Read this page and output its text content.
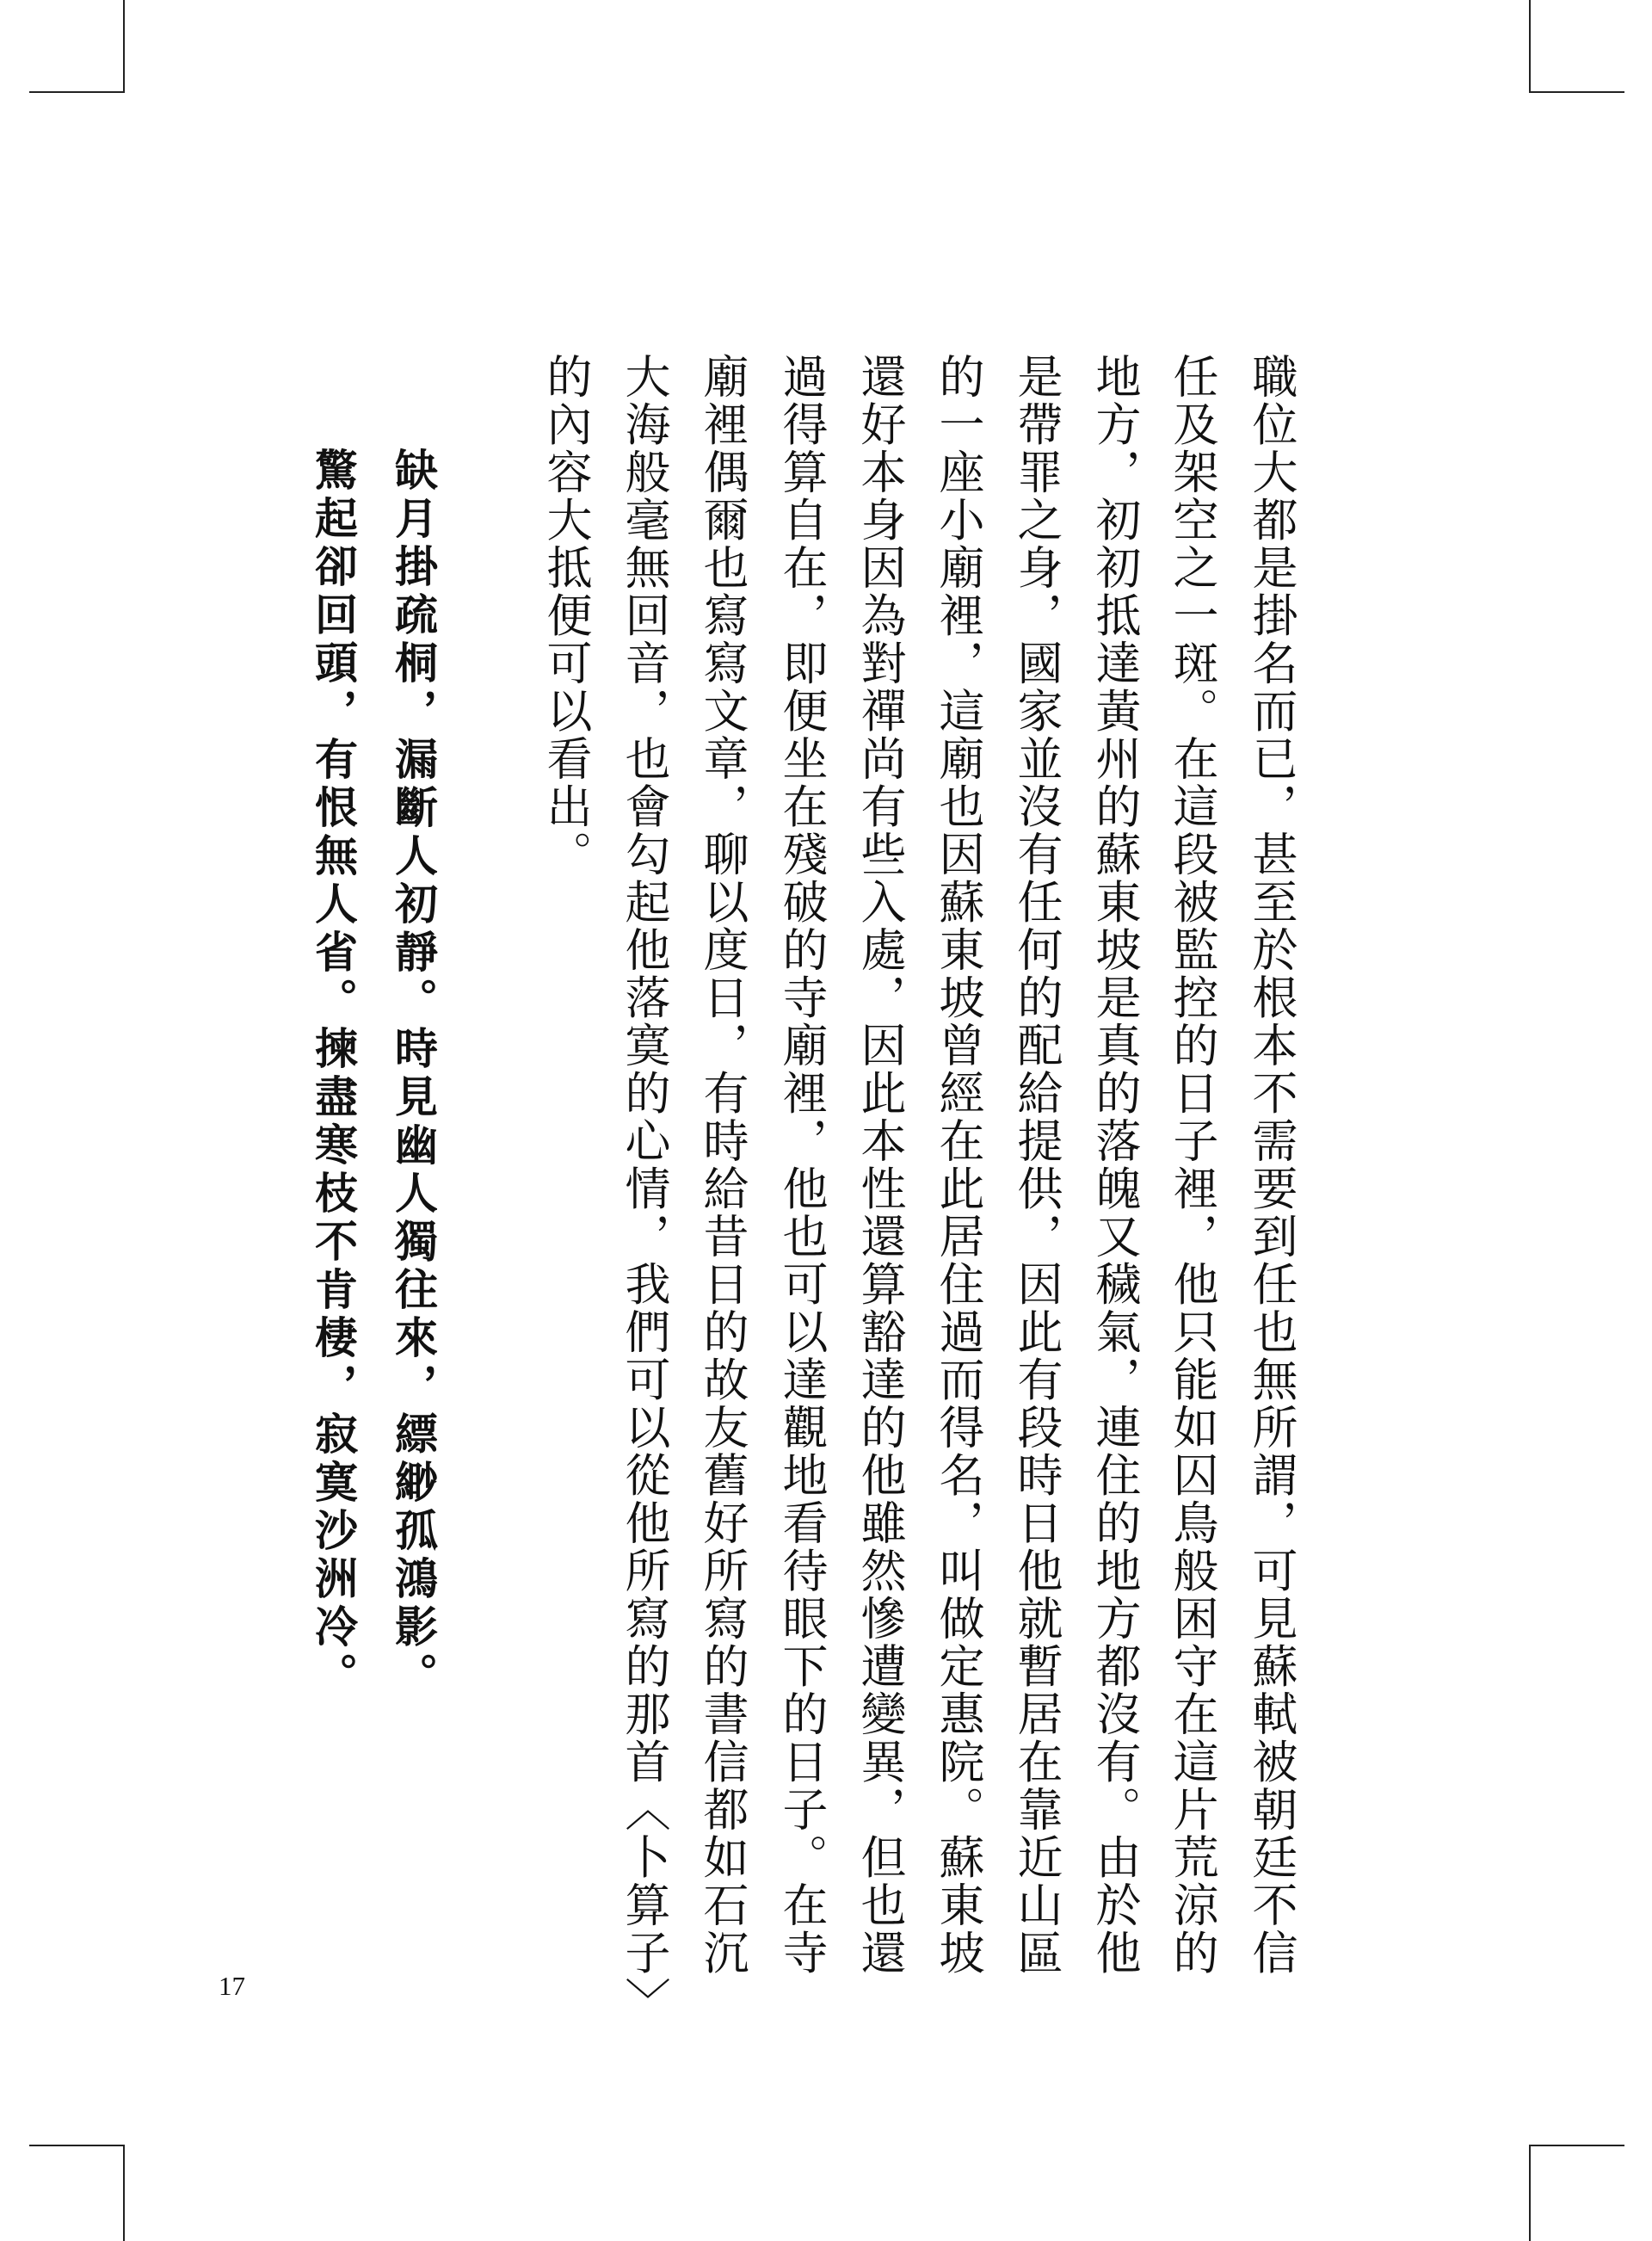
職位大都是掛名而已，甚至於根本不需要到任也無所謂，可見蘇軾被朝廷不信
任及架空之一斑。在這段被監控的日子裡，他只能如囚鳥般困守在這片荒涼的
地方，初初抵達黃州的蘇東坡是真的落魄又穢氣，連住的地方都沒有。由於他
是帶罪之身，國家並沒有任何的配給提供，因此有段時日他就暫居在靠近山區
的一座小廟裡，這廟也因蘇東坡曾經在此居住過而得名，叫做定惠院。蘇東坡
還好本身因為對禪尚有些入處，因此本性還算豁達的他雖然慘遭變異，但也還
過得算自在，即便坐在殘破的寺廟裡，他也可以達觀地看待眼下的日子。在寺
廟裡偶爾也寫寫文章，聊以度日，有時給昔日的故友舊好所寫的書信都如石沉
大海般毫無回音，也會勾起他落寞的心情，我們可以從他所寫的那首〈卜算子〉
的內容大抵便可以看出。
缺月掛疏桐，漏斷人初靜。時見幽人獨往來，縹緲孤鴻影。
驚起卻回頭，有恨無人省。揀盡寒枝不肯棲，寂寞沙洲冷。
17
